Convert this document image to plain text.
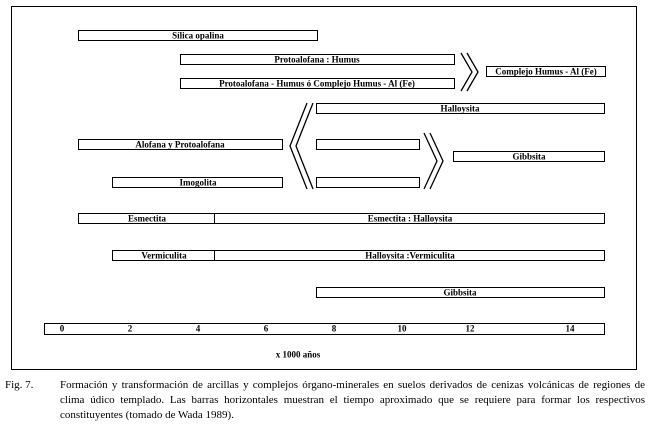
Sílica opalina
Protoalofana : Humus
Protoalofana - Humus ó Complejo Humus - Al (Fe)
Complejo Humus - Al (Fe)
Halloysita
Alofana y Protoalofana
Gibbsita
Imogolita
Esmectita	Esmectita : Halloysita
Vermiculita	Halloysita :Vermiculita
Gibbsita
0	2	4	6	8	10	12	14
x 1000 años
Fig. 7. Formación y transformación de arcillas y complejos órgano-minerales en suelos derivados de cenizas volcánicas de regiones de clima údico templado. Las barras horizontales muestran el tiempo aproximado que se requiere para formar los respectivos constituyentes (tomado de Wada 1989).
